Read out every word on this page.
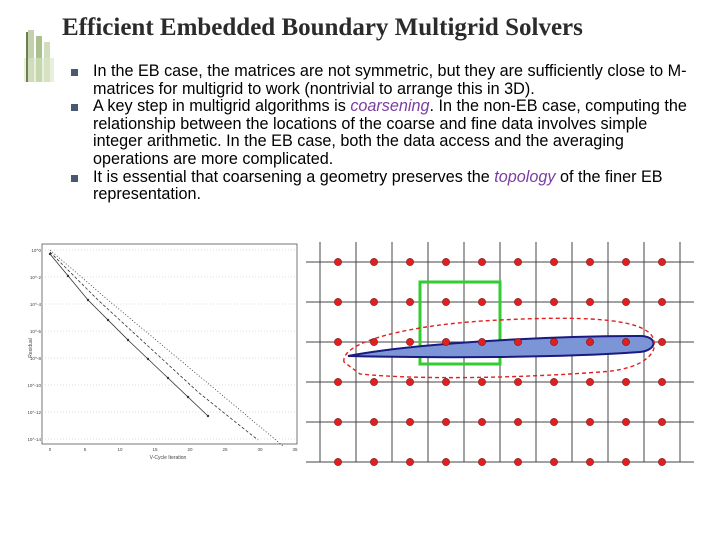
Efficient Embedded Boundary Multigrid Solvers
In the EB case, the matrices are not symmetric, but they are sufficiently close to M-matrices for multigrid to work (nontrivial to arrange this in 3D).
A key step in multigrid algorithms is coarsening. In the non-EB case, computing the relationship between the locations of the coarse and fine data involves simple integer arithmetic. In the EB case, both the data access and the averaging operations are more complicated.
It is essential that coarsening a geometry preserves the topology of the finer EB representation.
10^0
10^-2
10^-4
10^-6
10^-8
10^-10
10^-12
10^-14
0	5	10	15	20	25	30	35
Residual
V-Cycle Iteration
